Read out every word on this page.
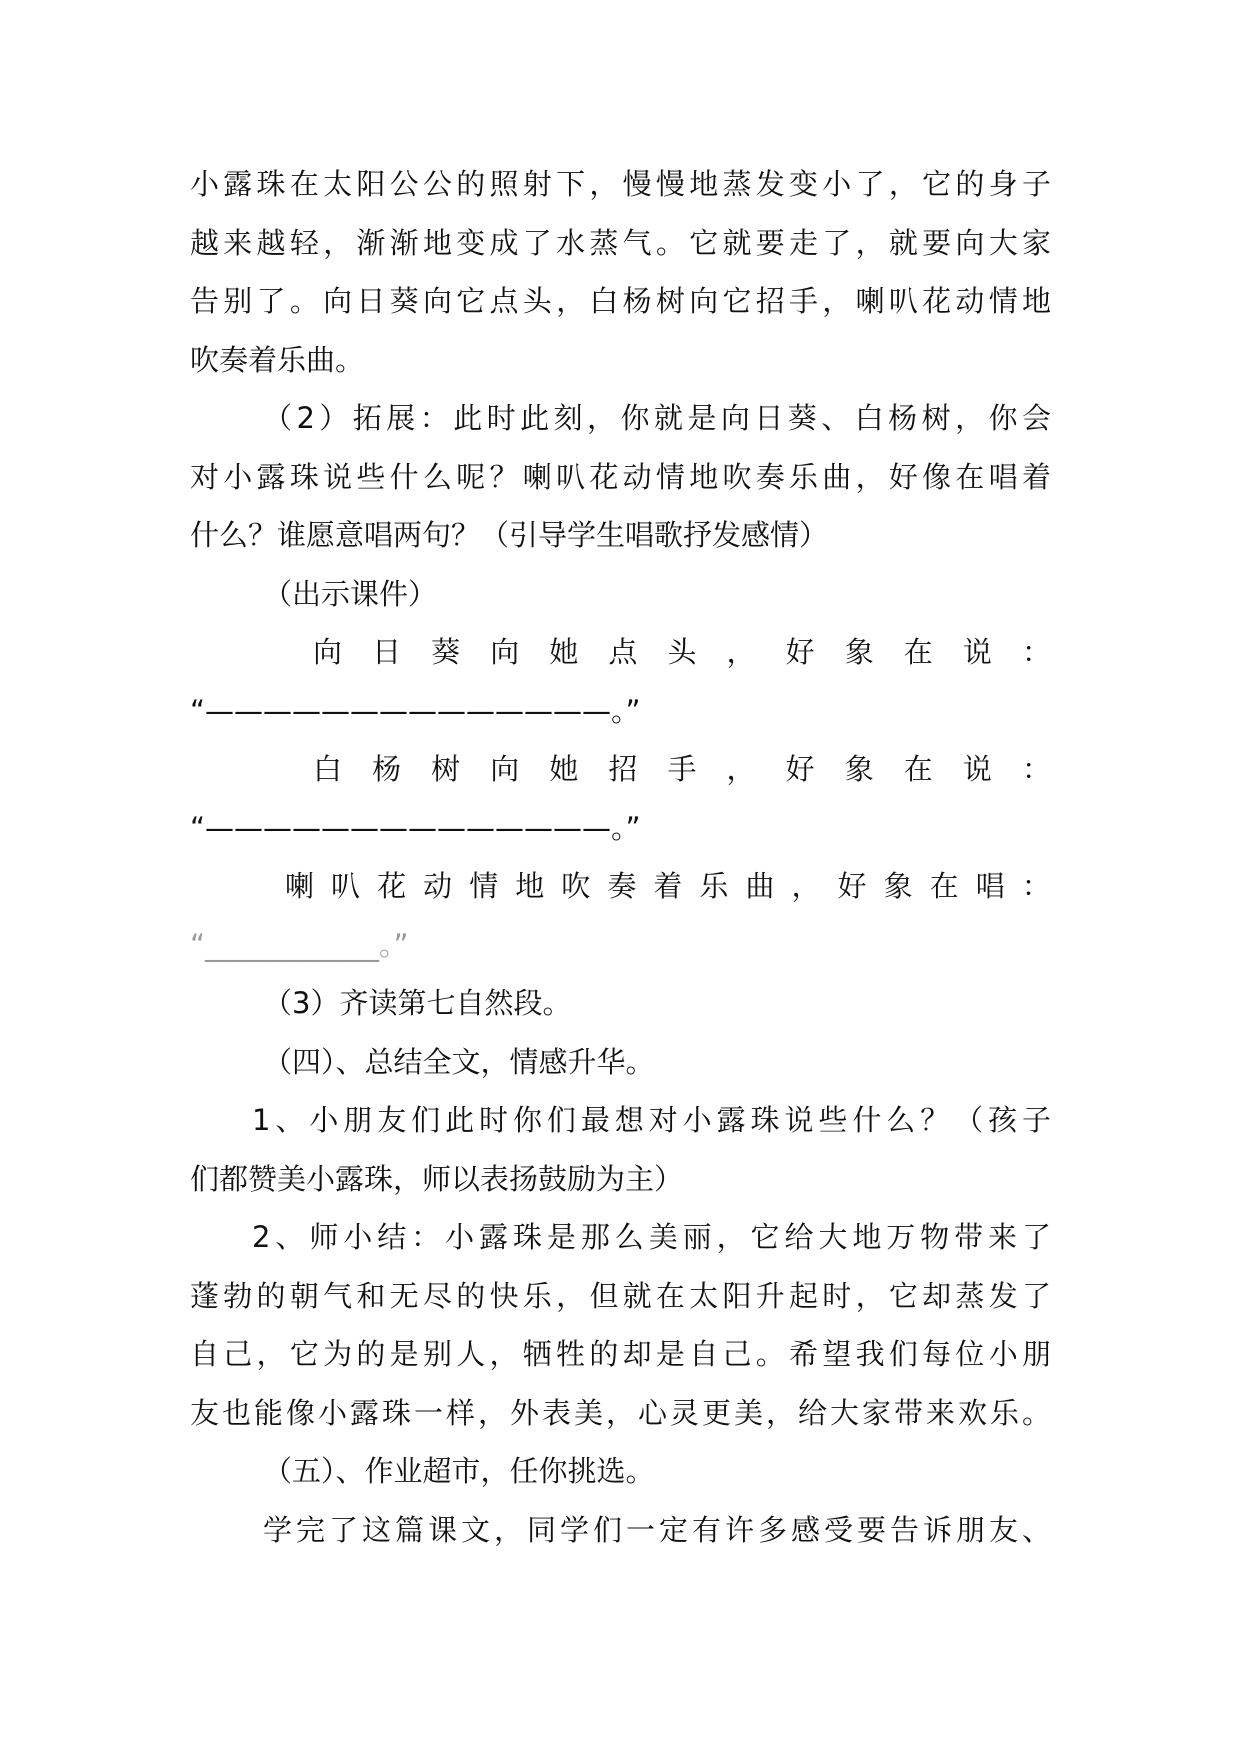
小露珠在太阳公公的照射下，慢慢地蒸发变小了，它的身子
越来越轻，渐渐地变成了水蒸气。它就要走了，就要向大家
告别了。向日葵向它点头，白杨树向它招手，喇叭花动情地
吹奏着乐曲。
（2）拓展：此时此刻，你就是向日葵、白杨树，你会
对小露珠说些什么呢？喇叭花动情地吹奏乐曲，好像在唱着
什么？谁愿意唱两句？（引导学生唱歌抒发感情）
（出示课件）
向 日 葵 向 她 点 头 ， 好 象 在 说 ：
“——————————————。”
白 杨 树 向 她 招 手 ， 好 象 在 说 ：
“——————————————。”
喇 叭 花 动 情 地 吹 奏 着 乐 曲 ， 好 象 在 唱 ：
“____________。”
（3）齐读第七自然段。
（四）、总结全文，情感升华。
1、小朋友们此时你们最想对小露珠说些什么？（孩子
们都赞美小露珠，师以表扬鼓励为主）
2、师小结：小露珠是那么美丽，它给大地万物带来了
蓬勃的朝气和无尽的快乐，但就在太阳升起时，它却蒸发了
自己，它为的是别人，牺牲的却是自己。希望我们每位小朋
友也能像小露珠一样，外表美，心灵更美，给大家带来欢乐。
（五）、作业超市，任你挑选。
学完了这篇课文，同学们一定有许多感受要告诉朋友、
